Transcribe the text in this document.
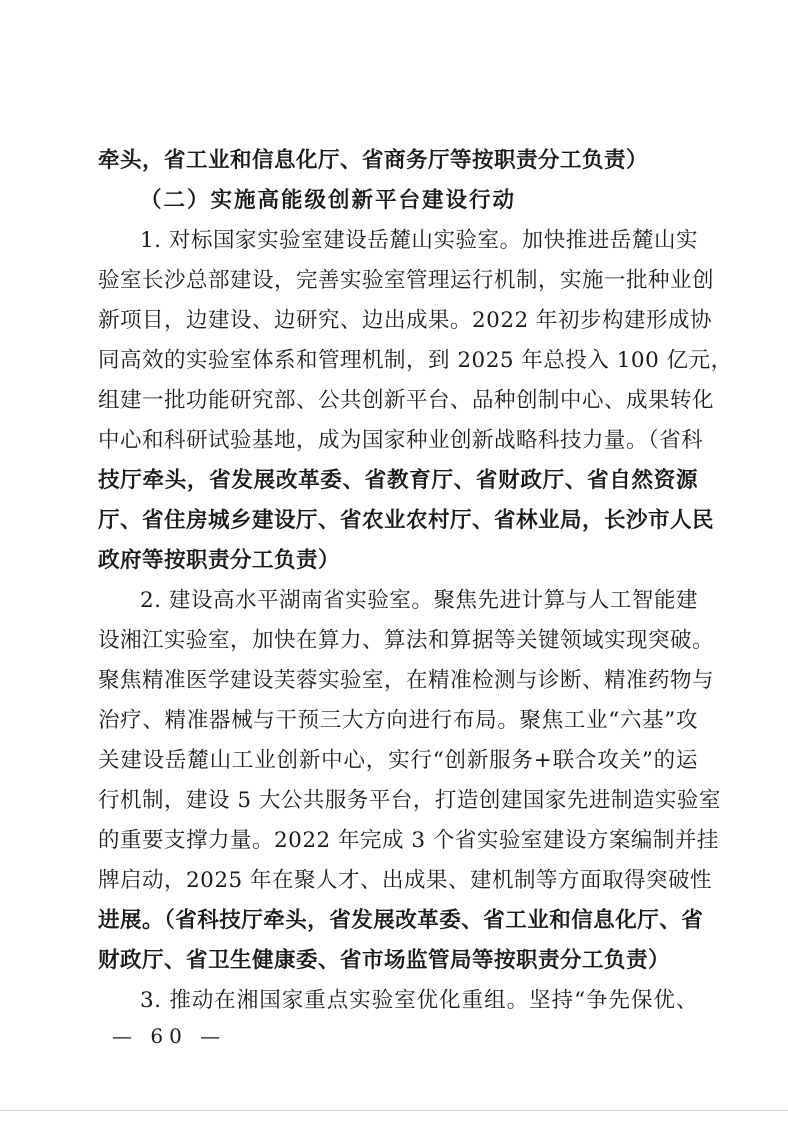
牵头，省工业和信息化厅、省商务厅等按职责分工负责）
（二）实施高能级创新平台建设行动
1. 对标国家实验室建设岳麓山实验室。加快推进岳麓山实
验室长沙总部建设，完善实验室管理运行机制，实施一批种业创
新项目，边建设、边研究、边出成果。2022 年初步构建形成协
同高效的实验室体系和管理机制，到 2025 年总投入 100 亿元，
组建一批功能研究部、公共创新平台、品种创制中心、成果转化
中心和科研试验基地，成为国家种业创新战略科技力量。（省科
技厅牵头，省发展改革委、省教育厅、省财政厅、省自然资源
厅、省住房城乡建设厅、省农业农村厅、省林业局，长沙市人民
政府等按职责分工负责）
2. 建设高水平湖南省实验室。聚焦先进计算与人工智能建
设湘江实验室，加快在算力、算法和算据等关键领域实现突破。
聚焦精准医学建设芙蓉实验室，在精准检测与诊断、精准药物与
治疗、精准器械与干预三大方向进行布局。聚焦工业“六基”攻
关建设岳麓山工业创新中心，实行“创新服务+联合攻关”的运
行机制，建设 5 大公共服务平台，打造创建国家先进制造实验室
的重要支撑力量。2022 年完成 3 个省实验室建设方案编制并挂
牌启动，2025 年在聚人才、出成果、建机制等方面取得突破性
进展。（省科技厅牵头，省发展改革委、省工业和信息化厅、省
财政厅、省卫生健康委、省市场监管局等按职责分工负责）
3. 推动在湘国家重点实验室优化重组。坚持“争先保优、
— 60 —
